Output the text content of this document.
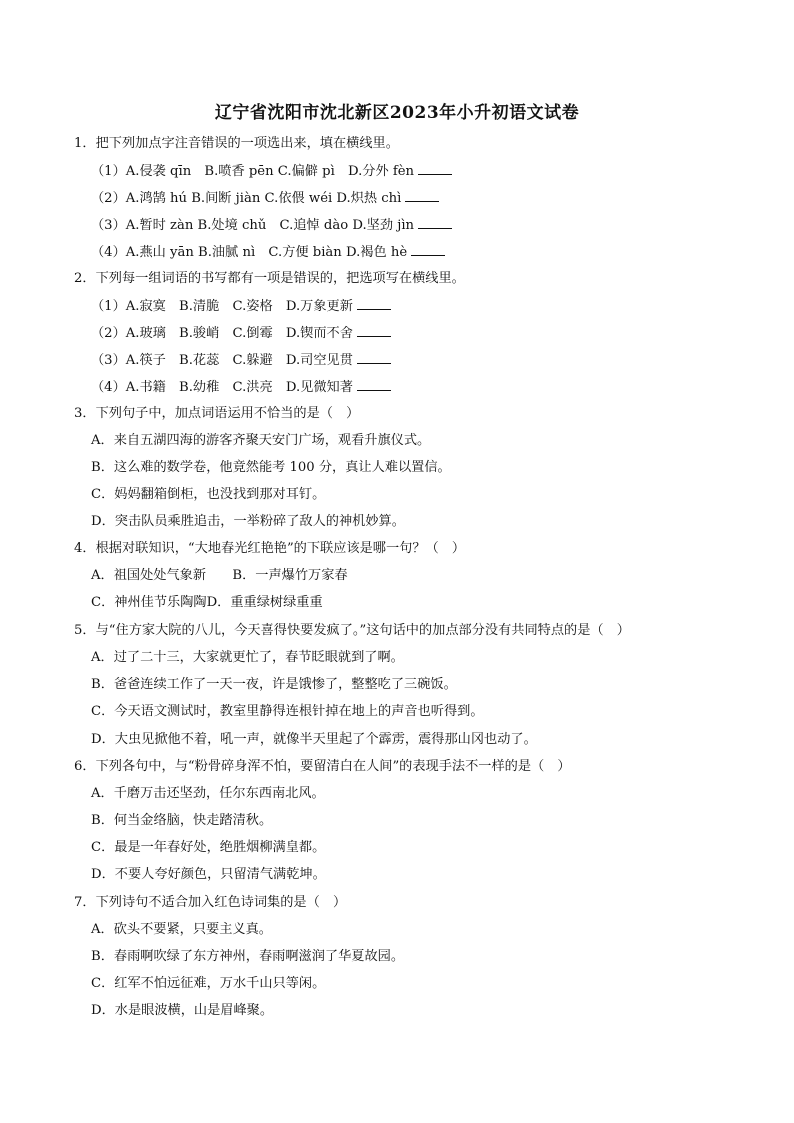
辽宁省沈阳市沈北新区2023年小升初语文试卷
1．把下列加点字注音错误的一项选出来，填在横线里。
（1）A.侵袭 qīn　B.喷香 pēn C.偏僻 pì　D.分外 fèn
（2）A.鸿鹄 hú B.间断 jiàn C.依偎 wéi D.炽热 chì
（3）A.暂时 zàn B.处境 chǔ　C.追悼 dào D.坚劲 jìn
（4）A.燕山 yān B.油腻 nì　C.方便 biàn D.褐色 hè
2．下列每一组词语的书写都有一项是错误的，把选项写在横线里。
（1）A.寂寞　B.清脆　C.姿格　D.万象更新
（2）A.玻璃　B.骏峭　C.倒霉　D.锲而不舍
（3）A.筷子　B.花蕊　C.躲避　D.司空见贯
（4）A.书籍　B.幼稚　C.洪亮　D.见微知著
3．下列句子中，加点词语运用不恰当的是（　）
A．来自五湖四海的游客齐聚天安门广场，观看升旗仪式。
B．这么难的数学卷，他竟然能考 100 分，真让人难以置信。
C．妈妈翻箱倒柜，也没找到那对耳钉。
D．突击队员乘胜追击，一举粉碎了敌人的神机妙算。
4．根据对联知识，“大地春光红艳艳”的下联应该是哪一句？（　）
A．祖国处处气象新　　B．一声爆竹万家春
C．神州佳节乐陶陶D．重重绿树绿重重
5．与“住方家大院的八儿，今天喜得快要发疯了。”这句话中的加点部分没有共同特点的是（　）
A．过了二十三，大家就更忙了，春节眨眼就到了啊。
B．爸爸连续工作了一天一夜，许是饿惨了，整整吃了三碗饭。
C．今天语文测试时，教室里静得连根针掉在地上的声音也听得到。
D．大虫见掀他不着，吼一声，就像半天里起了个霹雳，震得那山冈也动了。
6．下列各句中，与“粉骨碎身浑不怕，要留清白在人间”的表现手法不一样的是（　）
A．千磨万击还坚劲，任尔东西南北风。
B．何当金络脑，快走踏清秋。
C．最是一年春好处，绝胜烟柳满皇都。
D．不要人夸好颜色，只留清气满乾坤。
7．下列诗句不适合加入红色诗词集的是（　）
A．砍头不要紧，只要主义真。
B．春雨啊吹绿了东方神州，春雨啊滋润了华夏故园。
C．红军不怕远征难，万水千山只等闲。
D．水是眼波横，山是眉峰聚。
